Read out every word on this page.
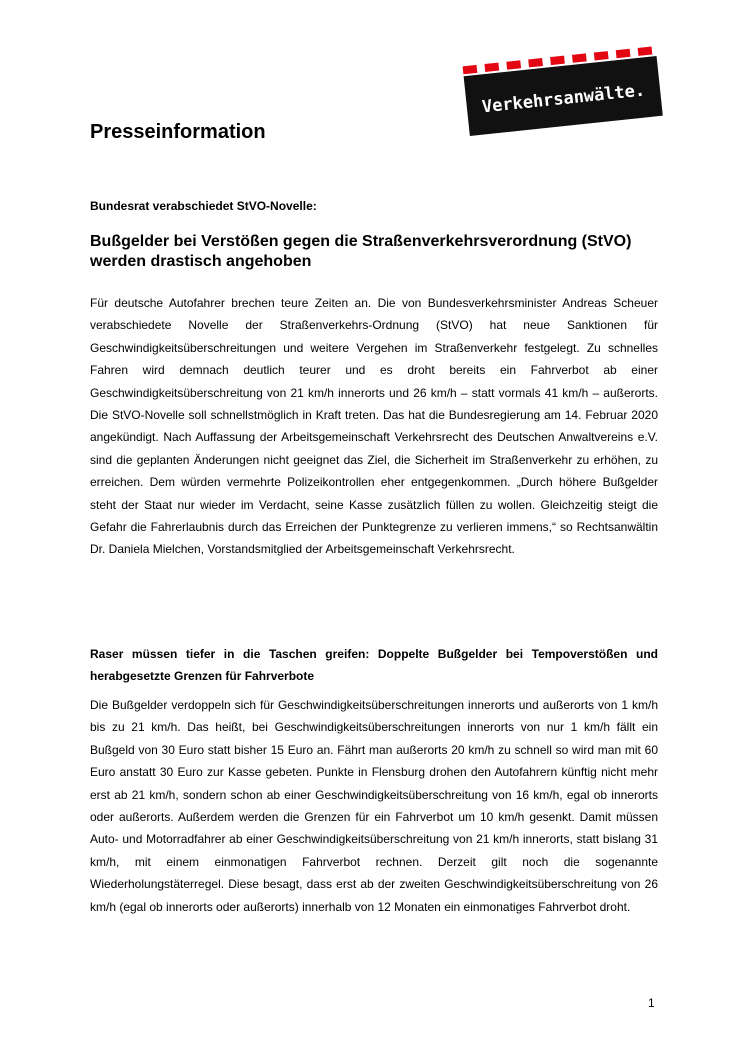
Verkehrsanwälte.
Presseinformation

Bundesrat verabschiedet StVO-Novelle:

Bußgelder bei Verstößen gegen die Straßenverkehrsverordnung (StVO) werden drastisch angehoben

Für deutsche Autofahrer brechen teure Zeiten an. Die von Bundesverkehrsminister Andreas Scheuer verabschiedete Novelle der Straßenverkehrs-Ordnung (StVO) hat neue Sanktionen für Geschwindigkeitsüberschreitungen und weitere Vergehen im Straßenverkehr festgelegt. Zu schnelles Fahren wird demnach deutlich teurer und es droht bereits ein Fahrverbot ab einer Geschwindigkeitsüberschreitung von 21 km/h innerorts und 26 km/h – statt vormals 41 km/h – außerorts. Die StVO-Novelle soll schnellstmöglich in Kraft treten. Das hat die Bundesregierung am 14. Februar 2020 angekündigt. Nach Auffassung der Arbeitsgemeinschaft Verkehrsrecht des Deutschen Anwaltvereins e.V. sind die geplanten Änderungen nicht geeignet das Ziel, die Sicherheit im Straßenverkehr zu erhöhen, zu erreichen. Dem würden vermehrte Polizeikontrollen eher entgegenkommen. „Durch höhere Bußgelder steht der Staat nur wieder im Verdacht, seine Kasse zusätzlich füllen zu wollen. Gleichzeitig steigt die Gefahr die Fahrerlaubnis durch das Erreichen der Punktegrenze zu verlieren immens,“ so Rechtsanwältin Dr. Daniela Mielchen, Vorstandsmitglied der Arbeitsgemeinschaft Verkehrsrecht.

Raser müssen tiefer in die Taschen greifen: Doppelte Bußgelder bei Tempoverstößen und herabgesetzte Grenzen für Fahrverbote

Die Bußgelder verdoppeln sich für Geschwindigkeitsüberschreitungen innerorts und außerorts von 1 km/h bis zu 21 km/h. Das heißt, bei Geschwindigkeitsüberschreitungen innerorts von nur 1 km/h fällt ein Bußgeld von 30 Euro statt bisher 15 Euro an. Fährt man außerorts 20 km/h zu schnell so wird man mit 60 Euro anstatt 30 Euro zur Kasse gebeten. Punkte in Flensburg drohen den Autofahrern künftig nicht mehr erst ab 21 km/h, sondern schon ab einer Geschwindigkeitsüberschreitung von 16 km/h, egal ob innerorts oder außerorts. Außerdem werden die Grenzen für ein Fahrverbot um 10 km/h gesenkt. Damit müssen Auto- und Motorradfahrer ab einer Geschwindigkeitsüberschreitung von 21 km/h innerorts, statt bislang 31 km/h, mit einem einmonatigen Fahrverbot rechnen. Derzeit gilt noch die sogenannte Wiederholungstäterregel. Diese besagt, dass erst ab der zweiten Geschwindigkeitsüberschreitung von 26 km/h (egal ob innerorts oder außerorts) innerhalb von 12 Monaten ein einmonatiges Fahrverbot droht.

1
